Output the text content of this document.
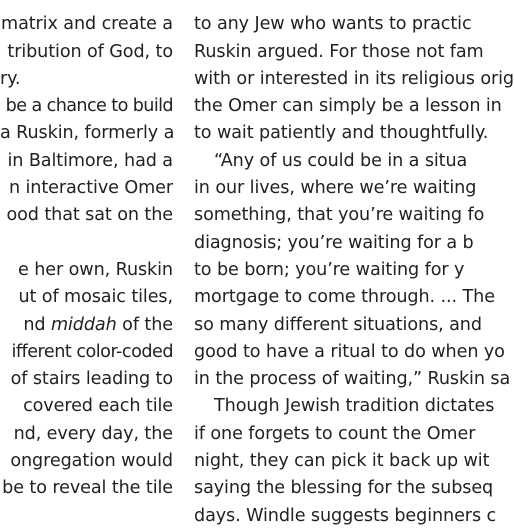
matrix and create a
tribution of God, to
ry.
be a chance to build
a Ruskin, formerly a
in Baltimore, had a
n interactive Omer
ood that sat on the
e her own, Ruskin
ut of mosaic tiles,
nd middah of the
ifferent color-coded
of stairs leading to
covered each tile
nd, every day, the
ongregation would
be to reveal the tile
to any Jew who wants to practic
Ruskin argued. For those not fam
with or interested in its religious orig
the Omer can simply be a lesson in
to wait patiently and thoughtfully.
“Any of us could be in a situa
in our lives, where we’re waiting
something, that you’re waiting fo
diagnosis; you’re waiting for a b
to be born; you’re waiting for y
mortgage to come through. ... The
so many different situations, and
good to have a ritual to do when yo
in the process of waiting,” Ruskin sa
Though Jewish tradition dictates
if one forgets to count the Omer
night, they can pick it back up wit
saying the blessing for the subseq
days. Windle suggests beginners c
